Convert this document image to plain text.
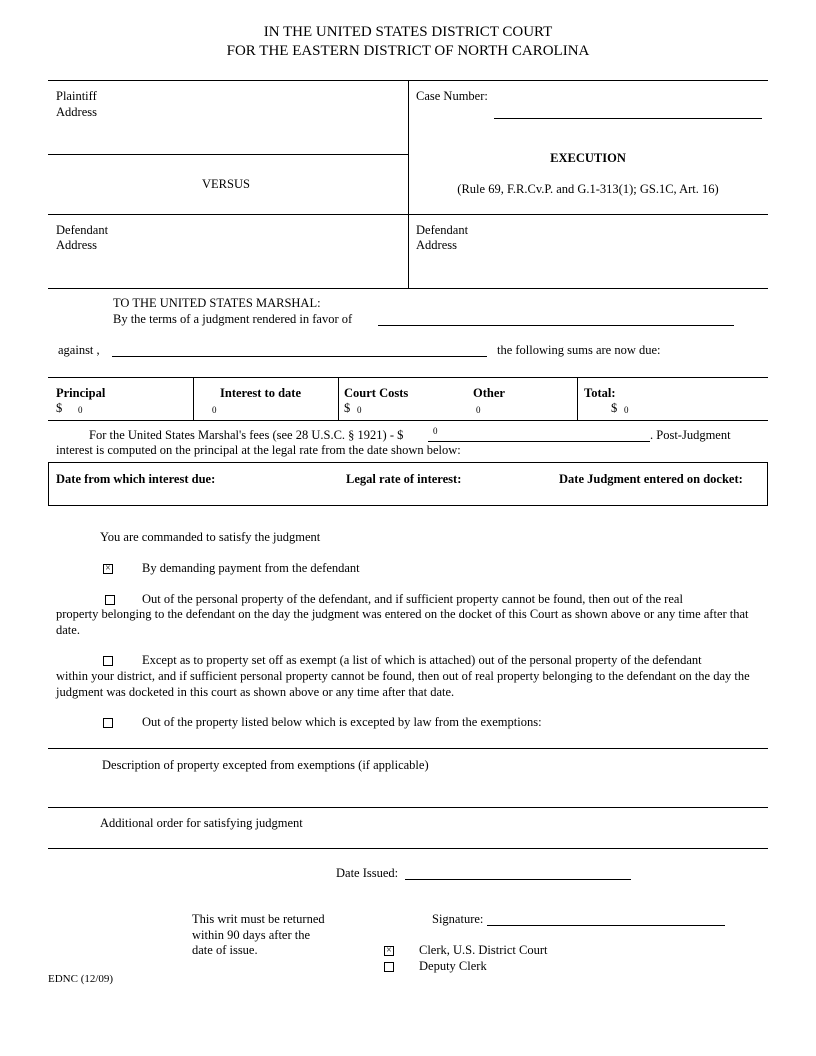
IN THE UNITED STATES DISTRICT COURT
FOR THE EASTERN DISTRICT OF NORTH CAROLINA
Plaintiff
Address
VERSUS
Defendant
Address
Case Number:
EXECUTION
(Rule 69, F.R.Cv.P. and G.1-313(1); GS.1C, Art. 16)
Defendant
Address
TO THE UNITED STATES MARSHAL:
By the terms of a judgment rendered in favor of
against ,	the following sums are now due:
Principal
$ 0
Interest to date
0
Court Costs
$ 0
Other
0
Total:
$ 0
For the United States Marshal's fees (see 28 U.S.C. § 1921) - $	0	. Post-Judgment
interest is computed on the principal at the legal rate from the date shown below:
Date from which interest due:	Legal rate of interest:	Date Judgment entered on docket:
You are commanded to satisfy the judgment
× By demanding payment from the defendant
Out of the personal property of the defendant, and if sufficient property cannot be found, then out of the real
property belonging to the defendant on the day the judgment was entered on the docket of this Court as shown above or any time after that date.
Except as to property set off as exempt (a list of which is attached) out of the personal property of the defendant
within your district, and if sufficient personal property cannot be found, then out of real property belonging to the defendant on the day the judgment was docketed in this court as shown above or any time after that date.
Out of the property listed below which is excepted by law from the exemptions:
Description of property excepted from exemptions (if applicable)
Additional order for satisfying judgment
Date Issued:
This writ must be returned
within 90 days after the
date of issue.
Signature:
× Clerk, U.S. District Court
Deputy Clerk
EDNC (12/09)
